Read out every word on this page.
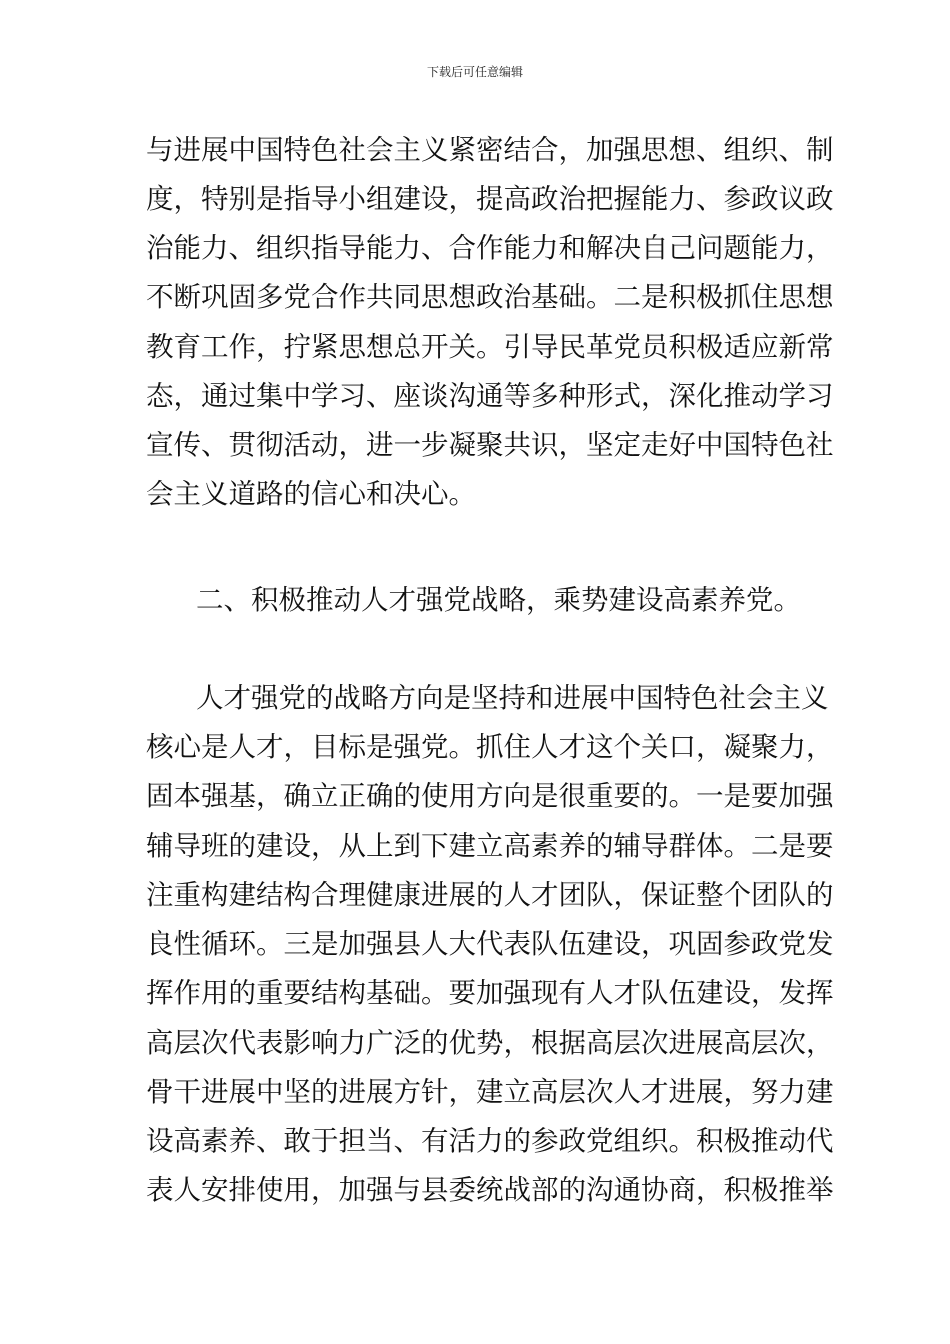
下载后可任意编辑
与进展中国特色社会主义紧密结合，加强思想、组织、制
度，特别是指导小组建设，提高政治把握能力、参政议政
治能力、组织指导能力、合作能力和解决自己问题能力，
不断巩固多党合作共同思想政治基础。二是积极抓住思想
教育工作，拧紧思想总开关。引导民革党员积极适应新常
态，通过集中学习、座谈沟通等多种形式，深化推动学习
宣传、贯彻活动，进一步凝聚共识，坚定走好中国特色社
会主义道路的信心和决心。
二、积极推动人才强党战略，乘势建设高素养党。
人才强党的战略方向是坚持和进展中国特色社会主义
核心是人才，目标是强党。抓住人才这个关口，凝聚力，
固本强基，确立正确的使用方向是很重要的。一是要加强
辅导班的建设，从上到下建立高素养的辅导群体。二是要
注重构建结构合理健康进展的人才团队，保证整个团队的
良性循环。三是加强县人大代表队伍建设，巩固参政党发
挥作用的重要结构基础。要加强现有人才队伍建设，发挥
高层次代表影响力广泛的优势，根据高层次进展高层次，
骨干进展中坚的进展方针，建立高层次人才进展，努力建
设高素养、敢于担当、有活力的参政党组织。积极推动代
表人安排使用，加强与县委统战部的沟通协商，积极推举
